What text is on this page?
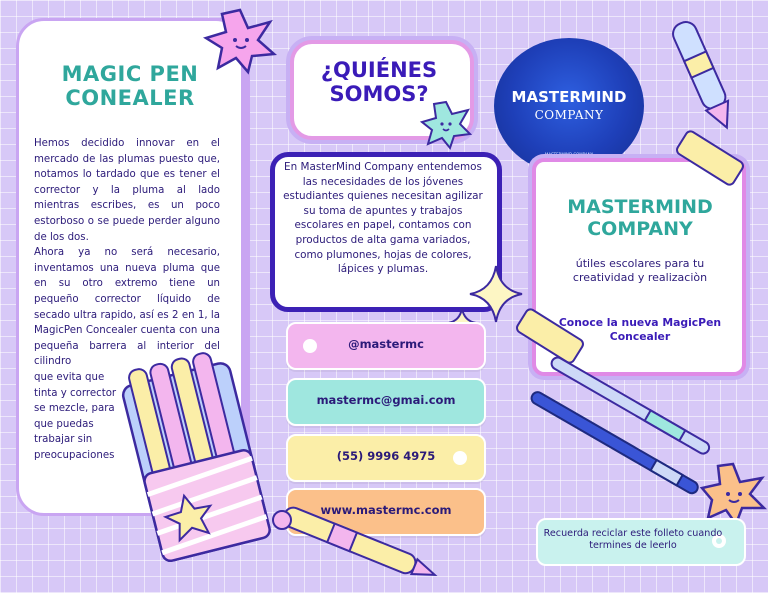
MAGIC PEN CONEALER
Hemos decidido innovar en el mercado de las plumas puesto que, notamos lo tardado que es tener el corrector y la pluma al lado mientras escribes, es un poco estorboso o se puede perder alguno de los dos.
Ahora ya no será necesario, inventamos una nueva pluma que en su otro extremo tiene un pequeño corrector líquido de secado ultra rapido, así es 2 en 1, la MagicPen Concealer cuenta con una pequeña barrera al interior del cilindro
que evita que
tinta y corrector
se mezcle, para
que puedas
trabajar sin
preocupaciones
¿QUIÉNES SOMOS?
En MasterMind Company entendemos las necesidades de los jóvenes estudiantes quienes necesitan agilizar su toma de apuntes y trabajos escolares en papel, contamos con productos de alta gama variados, como plumones, hojas de colores, lápices y plumas.
@mastermc
mastermc@gmai.com
(55) 9996 4975
www.mastermc.com
MASTERMIND
COMPANY
MASTERMIND COMPANY
MASTERMIND COMPANY
útiles escolares para tu creatividad y realizaciòn
Conoce la nueva MagicPen Concealer
Recuerda reciclar este folleto cuando termines de leerlo
